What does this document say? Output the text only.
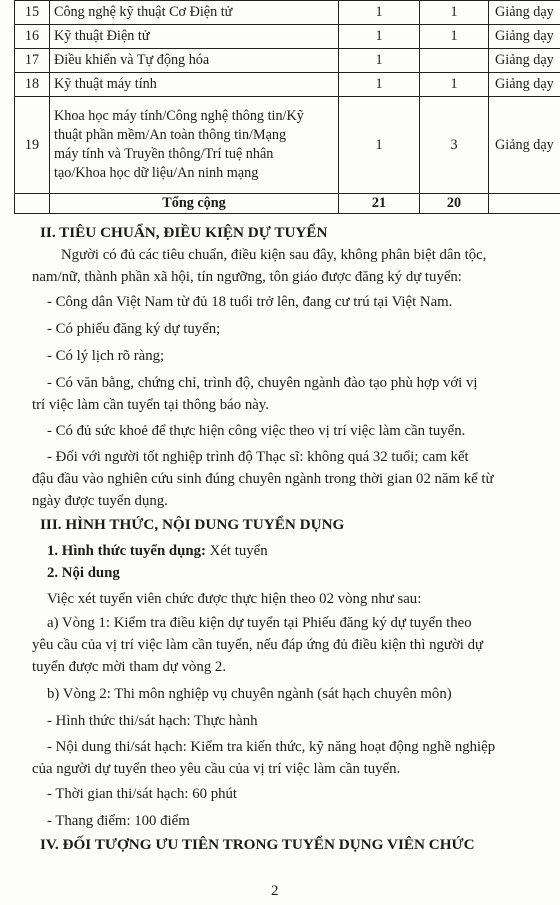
15	Công nghệ kỹ thuật Cơ Điện tử	1	1	Giảng dạy
16	Kỹ thuật Điện tử	1	1	Giảng dạy
17	Điều khiển và Tự động hóa	1		Giảng dạy
18	Kỹ thuật máy tính	1	1	Giảng dạy
19	Khoa học máy tính/Công nghệ thông tin/Kỹ
thuật phần mềm/An toàn thông tin/Mạng
máy tính và Truyền thông/Trí tuệ nhân
tạo/Khoa học dữ liệu/An ninh mạng	1	3	Giảng dạy
	Tổng cộng	21	20	
II. TIÊU CHUẨN, ĐIỀU KIỆN DỰ TUYỂN
Người có đủ các tiêu chuẩn, điều kiện sau đây, không phân biệt dân tộc,
nam/nữ, thành phần xã hội, tín ngưỡng, tôn giáo được đăng ký dự tuyển:
- Công dân Việt Nam từ đủ 18 tuổi trở lên, đang cư trú tại Việt Nam.
- Có phiếu đăng ký dự tuyển;
- Có lý lịch rõ ràng;
- Có văn bằng, chứng chỉ, trình độ, chuyên ngành đào tạo phù hợp với vị
trí việc làm cần tuyển tại thông báo này.
- Có đủ sức khoẻ để thực hiện công việc theo vị trí việc làm cần tuyển.
- Đối với người tốt nghiệp trình độ Thạc sĩ: không quá 32 tuổi; cam kết
đậu đầu vào nghiên cứu sinh đúng chuyên ngành trong thời gian 02 năm kể từ
ngày được tuyển dụng.
III. HÌNH THỨC, NỘI DUNG TUYỂN DỤNG
1. Hình thức tuyển dụng: Xét tuyển
2. Nội dung
Việc xét tuyển viên chức được thực hiện theo 02 vòng như sau:
a) Vòng 1: Kiểm tra điều kiện dự tuyển tại Phiếu đăng ký dự tuyển theo
yêu cầu của vị trí việc làm cần tuyển, nếu đáp ứng đủ điều kiện thì người dự
tuyển được mời tham dự vòng 2.
b) Vòng 2: Thi môn nghiệp vụ chuyên ngành (sát hạch chuyên môn)
- Hình thức thi/sát hạch: Thực hành
- Nội dung thi/sát hạch: Kiểm tra kiến thức, kỹ năng hoạt động nghề nghiệp
của người dự tuyển theo yêu cầu của vị trí việc làm cần tuyển.
- Thời gian thi/sát hạch: 60 phút
- Thang điểm: 100 điểm
IV. ĐỐI TƯỢNG ƯU TIÊN TRONG TUYỂN DỤNG VIÊN CHỨC
2
